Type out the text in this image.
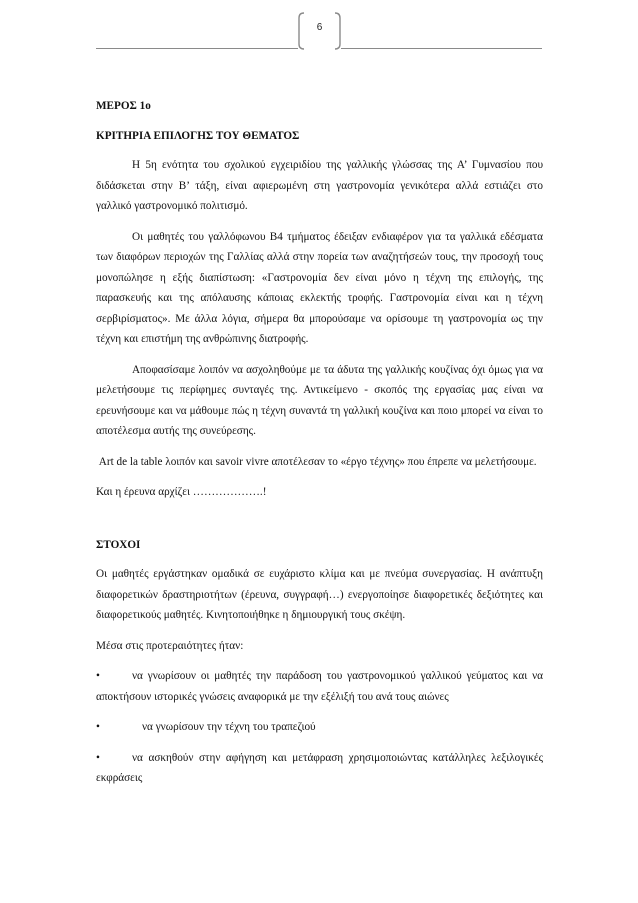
6

ΜΕΡΟΣ 1ο

ΚΡΙΤΗΡΙΑ ΕΠΙΛΟΓΗΣ ΤΟΥ ΘΕΜΑΤΟΣ

Η 5η ενότητα του σχολικού εγχειριδίου της γαλλικής γλώσσας της Α’ Γυμνασίου που διδάσκεται στην Β’ τάξη, είναι αφιερωμένη στη γαστρονομία γενικότερα αλλά εστιάζει στο γαλλικό γαστρονομικό πολιτισμό.

Οι μαθητές του γαλλόφωνου Β4 τμήματος έδειξαν ενδιαφέρον για τα γαλλικά εδέσματα των διαφόρων περιοχών της Γαλλίας αλλά στην πορεία των αναζητήσεών τους, την προσοχή τους μονοπώλησε η εξής διαπίστωση: «Γαστρονομία δεν είναι μόνο η τέχνη της επιλογής, της παρασκευής και της απόλαυσης κάποιας εκλεκτής τροφής. Γαστρονομία είναι και η τέχνη σερβιρίσματος». Με άλλα λόγια, σήμερα θα μπορούσαμε να ορίσουμε τη γαστρονομία ως την τέχνη και επιστήμη της ανθρώπινης διατροφής.

Αποφασίσαμε λοιπόν να ασχοληθούμε με τα άδυτα της γαλλικής κουζίνας όχι όμως για να μελετήσουμε τις περίφημες συνταγές της. Αντικείμενο - σκοπός της εργασίας μας είναι να ερευνήσουμε και να μάθουμε πώς η τέχνη συναντά τη γαλλική κουζίνα και ποιο μπορεί να είναι το αποτέλεσμα αυτής της συνεύρεσης.

Art de la table λοιπόν και savoir vivre αποτέλεσαν το «έργο τέχνης» που έπρεπε να μελετήσουμε.

Και η έρευνα αρχίζει ……………….!

ΣΤΟΧΟΙ

Οι μαθητές εργάστηκαν ομαδικά σε ευχάριστο κλίμα και με πνεύμα συνεργασίας. Η ανάπτυξη διαφορετικών δραστηριοτήτων (έρευνα, συγγραφή…) ενεργοποίησε διαφορετικές δεξιότητες και διαφορετικούς μαθητές. Κινητοποιήθηκε η δημιουργική τους σκέψη.

Μέσα στις προτεραιότητες ήταν:

•	να γνωρίσουν οι μαθητές την παράδοση του γαστρονομικού γαλλικού γεύματος και να αποκτήσουν ιστορικές γνώσεις αναφορικά με την εξέλιξή του ανά τους αιώνες

•	να γνωρίσουν την τέχνη του τραπεζιού

•	να ασκηθούν στην αφήγηση και μετάφραση χρησιμοποιώντας κατάλληλες λεξιλογικές εκφράσεις
